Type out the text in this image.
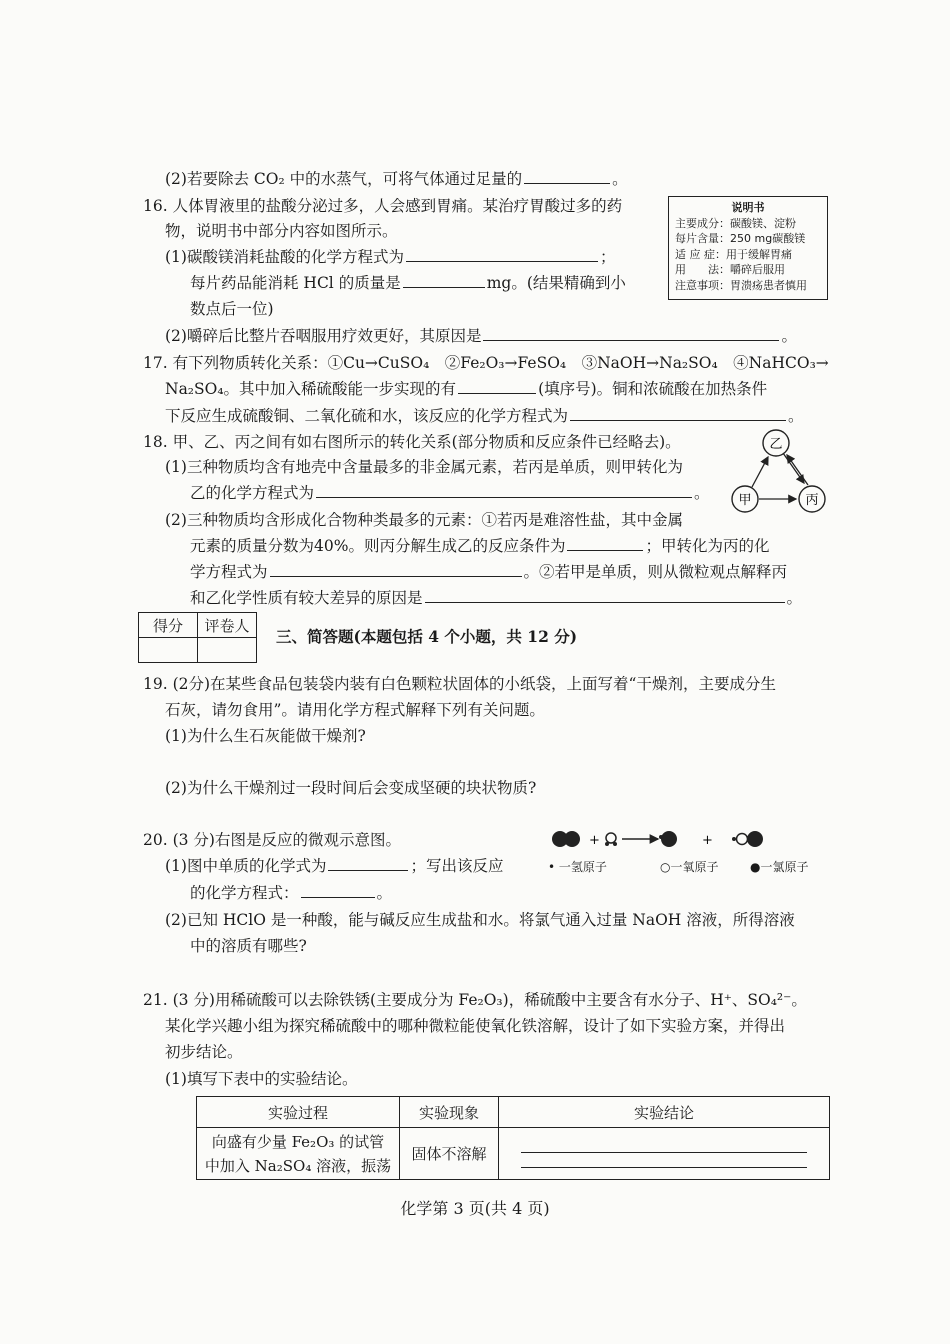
(2)若要除去 CO₂ 中的水蒸气，可将气体通过足量的	。
16. 人体胃液里的盐酸分泌过多，人会感到胃痛。某治疗胃酸过多的药
物，说明书中部分内容如图所示。
(1)碳酸镁消耗盐酸的化学方程式为	；
每片药品能消耗 HCl 的质量是	mg。(结果精确到小
数点后一位)
(2)嚼碎后比整片吞咽服用疗效更好，其原因是	。
说明书
主要成分：碳酸镁、淀粉
每片含量：250 mg碳酸镁
适 应 症：用于缓解胃痛
用　　法：嚼碎后服用
注意事项：胃溃疡患者慎用
17. 有下列物质转化关系：①Cu→CuSO₄　②Fe₂O₃→FeSO₄　③NaOH→Na₂SO₄　④NaHCO₃→
Na₂SO₄。其中加入稀硫酸能一步实现的有	(填序号)。铜和浓硫酸在加热条件
下反应生成硫酸铜、二氧化硫和水，该反应的化学方程式为	。
18. 甲、乙、丙之间有如右图所示的转化关系(部分物质和反应条件已经略去)。
(1)三种物质均含有地壳中含量最多的非金属元素，若丙是单质，则甲转化为
乙的化学方程式为	。
(2)三种物质均含形成化合物种类最多的元素：①若丙是难溶性盐，其中金属
元素的质量分数为40%。则丙分解生成乙的反应条件为	；甲转化为丙的化
学方程式为	。②若甲是单质，则从微粒观点解释丙
和乙化学性质有较大差异的原因是	。
乙
甲	丙
得分	评卷人

三、简答题(本题包括 4 个小题，共 12 分)
19. (2分)在某些食品包装袋内装有白色颗粒状固体的小纸袋，上面写着“干燥剂，主要成分生
石灰，请勿食用”。请用化学方程式解释下列有关问题。
(1)为什么生石灰能做干燥剂?
(2)为什么干燥剂过一段时间后会变成坚硬的块状物质?
20. (3 分)右图是反应的微观示意图。
(1)图中单质的化学式为	；写出该反应
的化学方程式：	。
(2)已知 HClO 是一种酸，能与碱反应生成盐和水。将氯气通入过量 NaOH 溶液，所得溶液
中的溶质有哪些?
+	+
• 一氢原子	○一氧原子	●一氯原子
21. (3 分)用稀硫酸可以去除铁锈(主要成分为 Fe₂O₃)，稀硫酸中主要含有水分子、H⁺、SO₄²⁻。
某化学兴趣小组为探究稀硫酸中的哪种微粒能使氧化铁溶解，设计了如下实验方案，并得出
初步结论。
(1)填写下表中的实验结论。
实验过程	实验现象	实验结论

向盛有少量 Fe₂O₃ 的试管
中加入 Na₂SO₄ 溶液，振荡	固体不溶解	
化学第 3 页(共 4 页)
